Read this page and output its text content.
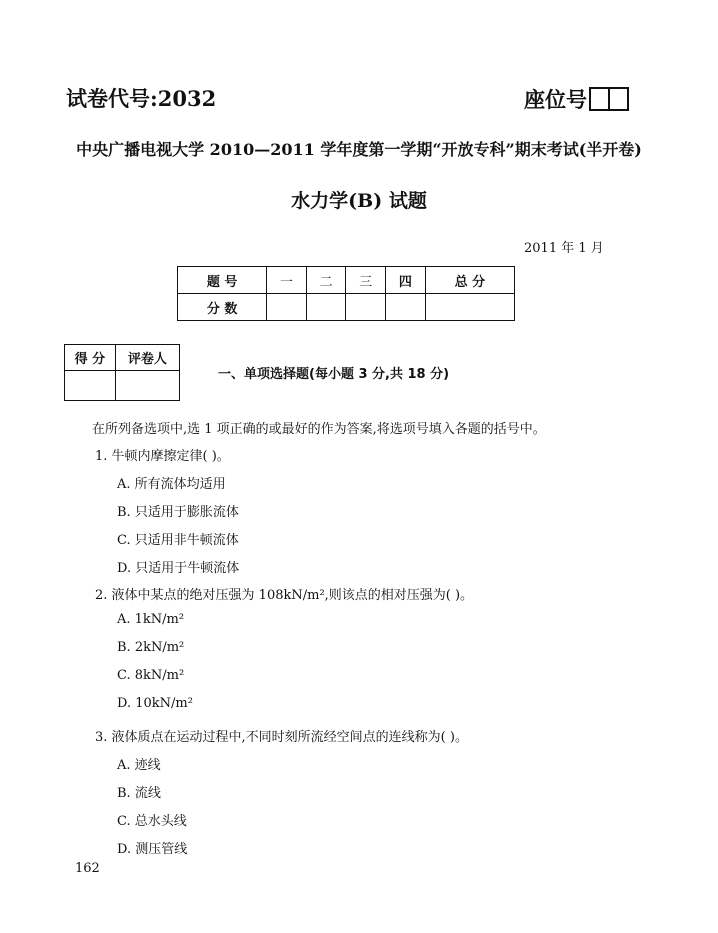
试卷代号:2032	座位号
中央广播电视大学 2010—2011 学年度第一学期“开放专科”期末考试(半开卷)
水力学(B) 试题
2011 年 1 月
题 号	一	二	三	四	总 分
分 数					
得 分	评卷人

一、单项选择题(每小题 3 分,共 18 分)
在所列备选项中,选 1 项正确的或最好的作为答案,将选项号填入各题的括号中。
1. 牛顿内摩擦定律( )。
A. 所有流体均适用
B. 只适用于膨胀流体
C. 只适用非牛顿流体
D. 只适用于牛顿流体
2. 液体中某点的绝对压强为 108kN/m²,则该点的相对压强为( )。
A. 1kN/m²
B. 2kN/m²
C. 8kN/m²
D. 10kN/m²
3. 液体质点在运动过程中,不同时刻所流经空间点的连线称为( )。
A. 迹线
B. 流线
C. 总水头线
D. 测压管线
162
